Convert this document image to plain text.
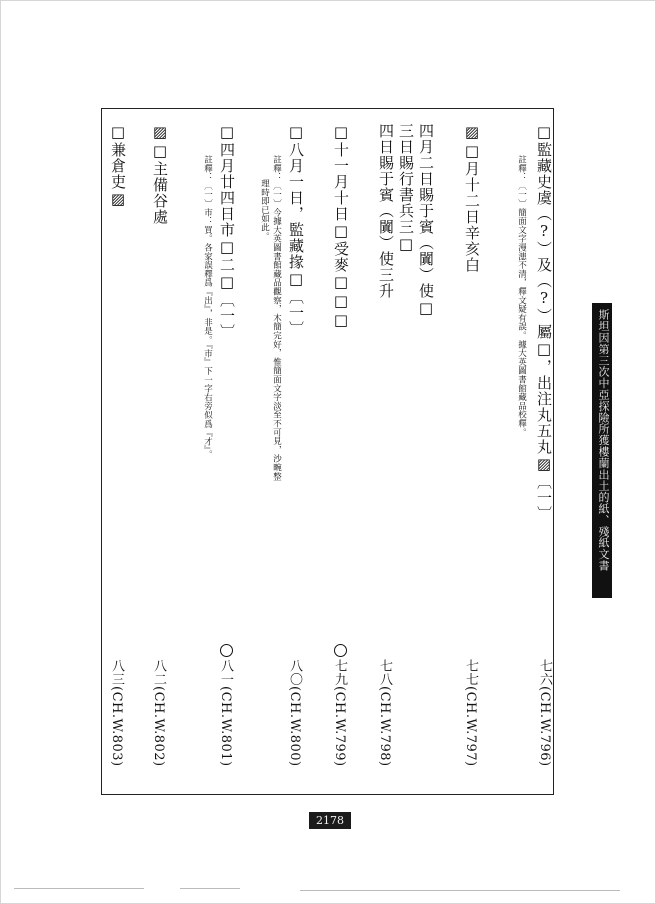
□監藏史虞（?）及（?）屬□，出注丸五丸▨〔一〕
註釋：〔一〕簡面文字漫漶不清，釋文疑有誤。據大英圖書館藏品校釋。
▨□月十二日辛亥白
四月二日賜于賓（闐）使□
三日賜行書兵三□
四日賜于賓（闐）使三升
□十一月十日□受麥□□□
□八月一日，監藏掾□〔一〕
註釋：〔一〕今據大英圖書館藏品觀察，木簡完好，惟簡面文字淡至不可見，沙畹整
理時即已如此。
□四月廿四日市□二□〔一〕
註釋：〔一〕市：買。各家誤釋爲『出』，非是。『市』下一字右旁似爲『才』。
▨□主備谷處
□兼倉吏▨
七六(CH.W.796)
七七(CH.W.797)
七八(CH.W.798)
七九(CH.W.799)
八〇(CH.W.800)
八一(CH.W.801)
八二(CH.W.802)
八三(CH.W.803)
斯坦因第三次中亞探險所獲樓蘭出土的紙、殘紙文書
2178
